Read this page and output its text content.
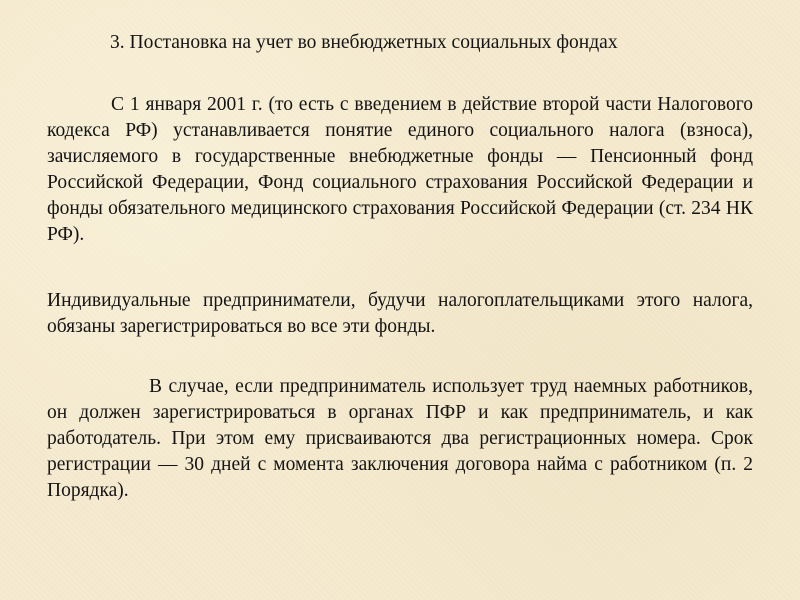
3. Постановка на учет во внебюджетных социальных фондах

С 1 января 2001 г. (то есть с введением в действие второй части Налогового кодекса РФ) устанавливается понятие единого социального налога (взноса), зачисляемого в государственные внебюджетные фонды — Пенсионный фонд Российской Федерации, Фонд социального страхования Российской Федерации и фонды обязательного медицинского страхования Российской Федерации (ст. 234 НК РФ).

Индивидуальные предприниматели, будучи налогоплательщиками этого налога, обязаны зарегистрироваться во все эти фонды.

В случае, если предприниматель использует труд наемных работников, он должен зарегистрироваться в органах ПФР и как предприниматель, и как работодатель. При этом ему присваиваются два регистрационных номера. Срок регистрации — 30 дней с момента заключения договора найма с работником (п. 2 Порядка).
